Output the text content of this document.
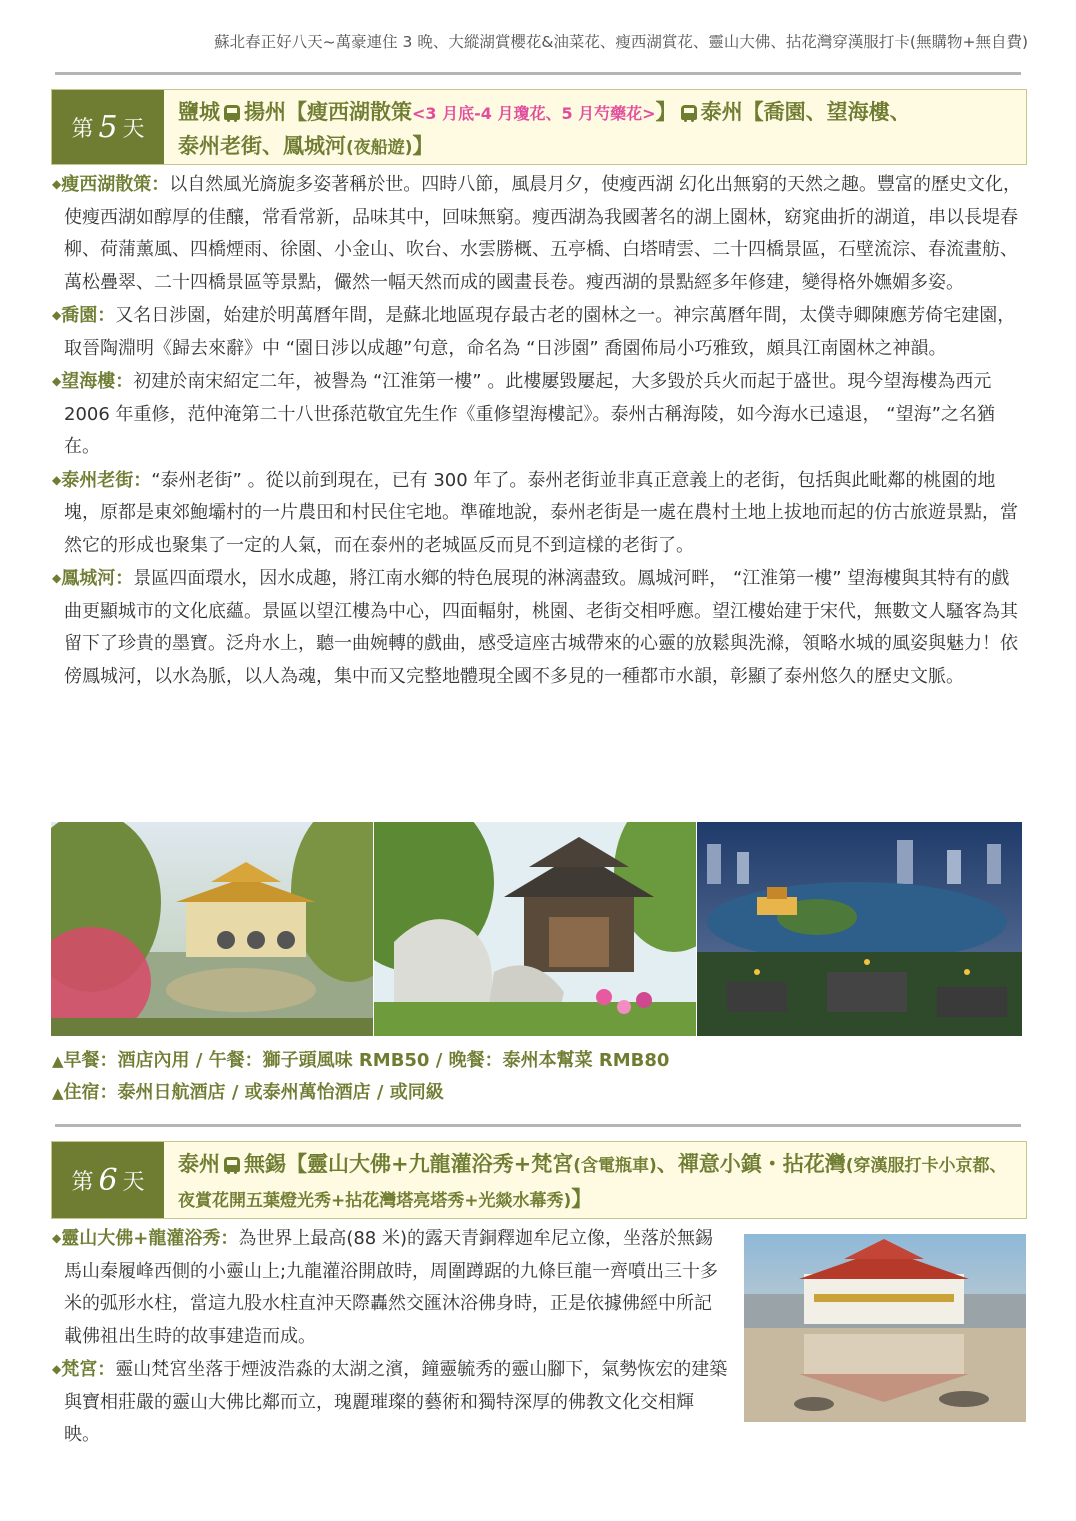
蘇北春正好八天~萬豪連住 3 晚、大縱湖賞櫻花&油菜花、瘦西湖賞花、靈山大佛、拈花灣穿漢服打卡(無購物+無自費)
第 5 天
鹽城 揚州【瘦西湖散策<3 月底-4 月瓊花、5 月芍藥花>】 泰州【喬園、望海樓、
泰州老街、鳳城河(夜船遊)】

◆瘦西湖散策：以自然風光旖旎多姿著稱於世。四時八節，風晨月夕，使瘦西湖 幻化出無窮的天然之趣。豐富的歷史文化，使瘦西湖如醇厚的佳釀，常看常新，品味其中，回味無窮。瘦西湖為我國著名的湖上園林，窈窕曲折的湖道，串以長堤春柳、荷蒲薰風、四橋煙雨、徐園、小金山、吹台、水雲勝概、五亭橋、白塔晴雲、二十四橋景區，石壁流淙、春流畫舫、萬松疊翠、二十四橋景區等景點，儼然一幅天然而成的國畫長卷。瘦西湖的景點經多年修建，變得格外嫵媚多姿。

◆喬園：又名日涉園，始建於明萬曆年間，是蘇北地區現存最古老的園林之一。神宗萬曆年間，太僕寺卿陳應芳倚宅建園，取晉陶淵明《歸去來辭》中 “園日涉以成趣”句意，命名為 “日涉園” 喬園佈局小巧雅致，頗具江南園林之神韻。

◆望海樓：初建於南宋紹定二年，被譽為 “江淮第一樓” 。此樓屢毀屢起，大多毀於兵火而起于盛世。現今望海樓為西元 2006 年重修，范仲淹第二十八世孫范敬宜先生作《重修望海樓記》。泰州古稱海陵，如今海水已遠退， “望海”之名猶在。

◆泰州老街：“泰州老街” 。從以前到現在，已有 300 年了。泰州老街並非真正意義上的老街，包括與此毗鄰的桃園的地塊，原都是東郊鮑壩村的一片農田和村民住宅地。準確地說，泰州老街是一處在農村土地上拔地而起的仿古旅遊景點，當然它的形成也聚集了一定的人氣，而在泰州的老城區反而見不到這樣的老街了。

◆鳳城河：景區四面環水，因水成趣，將江南水鄉的特色展現的淋漓盡致。鳳城河畔， “江淮第一樓” 望海樓與其特有的戲曲更顯城市的文化底蘊。景區以望江樓為中心，四面輻射，桃園、老街交相呼應。望江樓始建于宋代，無數文人騷客為其留下了珍貴的墨寶。泛舟水上，聽一曲婉轉的戲曲，感受這座古城帶來的心靈的放鬆與洗滌，領略水城的風姿與魅力！依傍鳳城河，以水為脈，以人為魂，集中而又完整地體現全國不多見的一種都市水韻，彰顯了泰州悠久的歷史文脈。

▲早餐：酒店內用 / 午餐：獅子頭風味 RMB50 / 晚餐：泰州本幫菜 RMB80
▲住宿：泰州日航酒店 / 或泰州萬怡酒店 / 或同級
第 6 天
泰州 無錫【靈山大佛+九龍灌浴秀+梵宮(含電瓶車)、禪意小鎮・拈花灣(穿漢服打卡小京都、夜賞花開五葉燈光秀+拈花灣塔亮塔秀+光燚水幕秀)】

◆靈山大佛+龍灌浴秀：為世界上最高(88 米)的露天青銅釋迦牟尼立像，坐落於無錫馬山秦履峰西側的小靈山上;九龍灌浴開啟時，周圍蹲踞的九條巨龍一齊噴出三十多米的弧形水柱，當這九股水柱直沖天際轟然交匯沐浴佛身時，正是依據佛經中所記載佛祖出生時的故事建造而成。

◆梵宮：靈山梵宮坐落于煙波浩淼的太湖之濱，鐘靈毓秀的靈山腳下，氣勢恢宏的建築與寶相莊嚴的靈山大佛比鄰而立，瑰麗璀璨的藝術和獨特深厚的佛教文化交相輝映。
